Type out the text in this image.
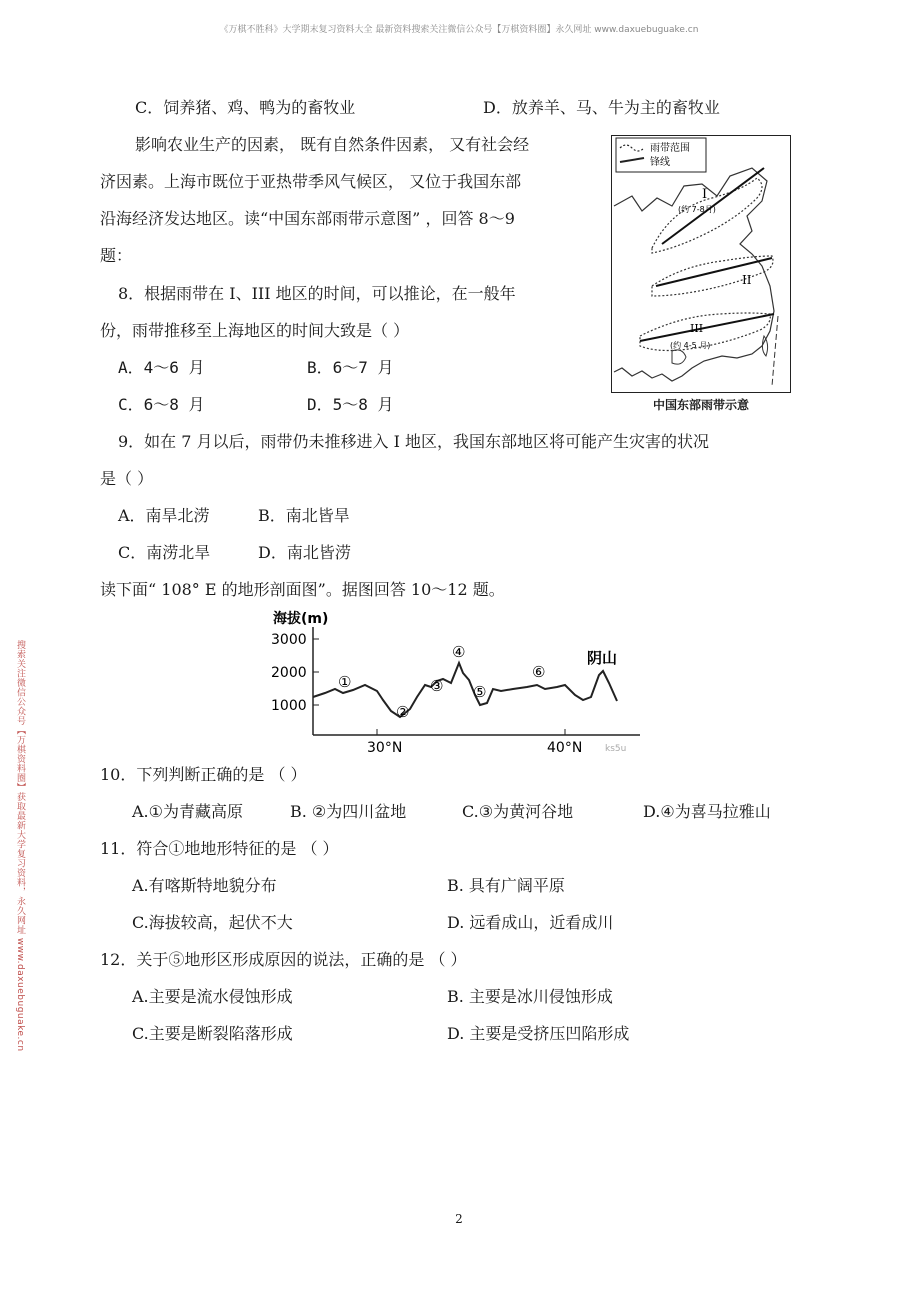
《万棋不胜科》大学期末复习资料大全 最新资料搜索关注微信公众号【万棋资料圈】永久网址 www.daxuebuguake.cn
搜索关注微信公众号【万棋资料圈】获取最新大学复习资料，永久网址 www.daxuebuguake.cn
C．饲养猪、鸡、鸭为的畜牧业	D．放养羊、马、牛为主的畜牧业
影响农业生产的因素， 既有自然条件因素， 又有社会经
济因素。上海市既位于亚热带季风气候区， 又位于我国东部
沿海经济发达地区。读“中国东部雨带示意图” ，回答 8～9
题：
雨带范围
锋线
I
(约 7-8月)
II
III
(约 4-5 月)
中国东部雨带示意
8．根据雨带在 I、III 地区的时间，可以推论，在一般年
份，雨带推移至上海地区的时间大致是（ ）
A．4～6 月	B．6～7 月
C．6～8 月	D．5～8 月
9．如在 7 月以后，雨带仍未推移进入 I 地区，我国东部地区将可能产生灾害的状况
是（ ）
A．南旱北涝	B．南北皆旱
C．南涝北旱	D．南北皆涝
读下面“ 108° E 的地形剖面图”。据图回答 10～12 题。
海拔(m)
3000
2000
1000
30°N	40°N
①
②
③
④
⑤
⑥
阴山
ks5u
10．下列判断正确的是 （ ）
A.①为青藏高原	B. ②为四川盆地	C.③为黄河谷地	D.④为喜马拉雅山
11．符合①地地形特征的是 （ ）
A.有喀斯特地貌分布	B. 具有广阔平原
C.海拔较高，起伏不大	D. 远看成山，近看成川
12．关于⑤地形区形成原因的说法，正确的是 （ ）
A.主要是流水侵蚀形成	B. 主要是冰川侵蚀形成
C.主要是断裂陷落形成	D. 主要是受挤压凹陷形成
2
